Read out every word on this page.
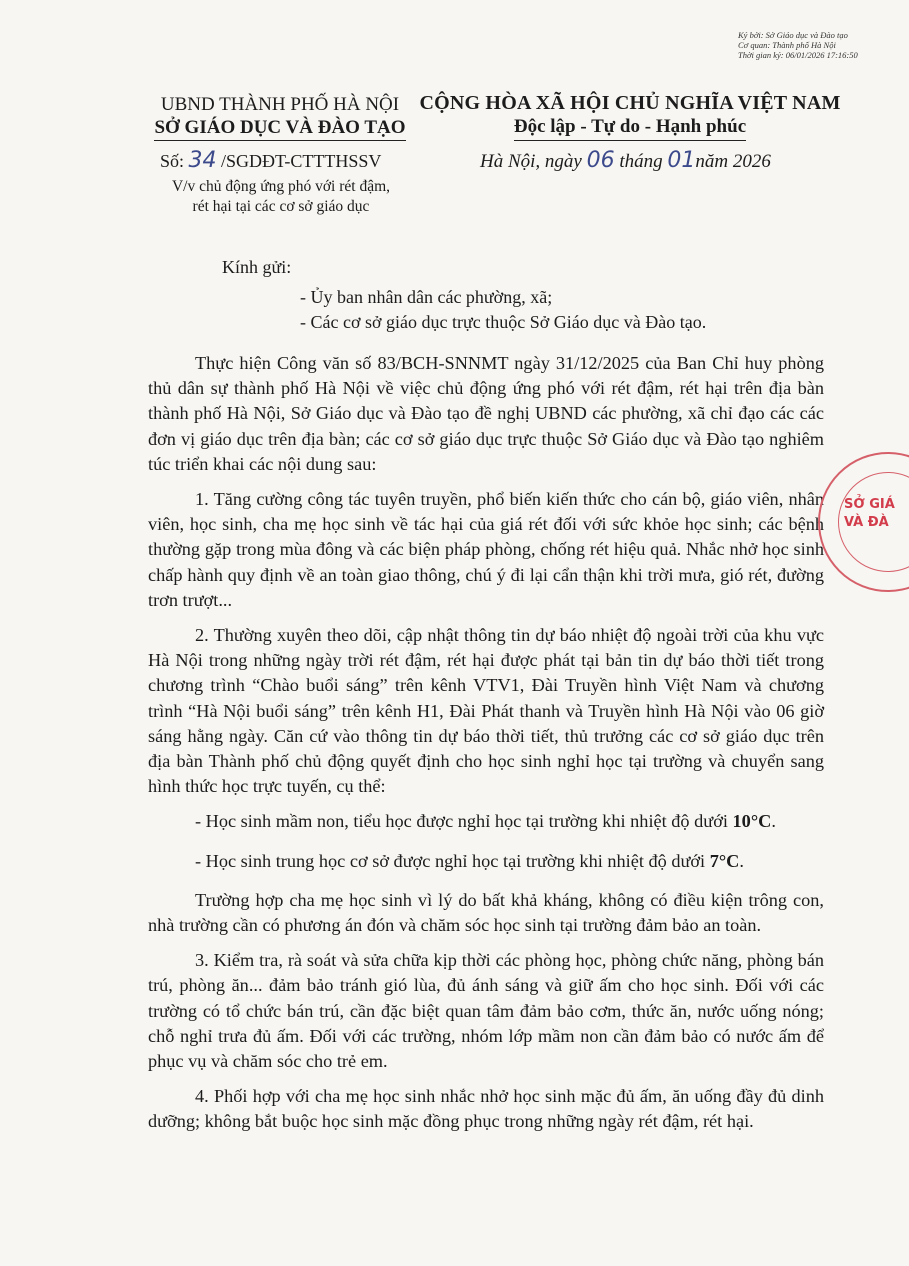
Ký bởi: Sở Giáo dục và Đào tạo
Cơ quan: Thành phố Hà Nội
Thời gian ký: 06/01/2026 17:16:50
UBND THÀNH PHỐ HÀ NỘI
SỞ GIÁO DỤC VÀ ĐÀO TẠO
CỘNG HÒA XÃ HỘI CHỦ NGHĨA VIỆT NAM
Độc lập - Tự do - Hạnh phúc
Số: 34 /SGDĐT-CTTTHSSV
V/v chủ động ứng phó với rét đậm,
rét hại tại các cơ sở giáo dục
Hà Nội, ngày 06 tháng 01năm 2026
Kính gửi:
- Ủy ban nhân dân các phường, xã;
- Các cơ sở giáo dục trực thuộc Sở Giáo dục và Đào tạo.

Thực hiện Công văn số 83/BCH-SNNMT ngày 31/12/2025 của Ban Chỉ huy phòng thủ dân sự thành phố Hà Nội về việc chủ động ứng phó với rét đậm, rét hại trên địa bàn thành phố Hà Nội, Sở Giáo dục và Đào tạo đề nghị UBND các phường, xã chỉ đạo các các đơn vị giáo dục trên địa bàn; các cơ sở giáo dục trực thuộc Sở Giáo dục và Đào tạo nghiêm túc triển khai các nội dung sau:

1. Tăng cường công tác tuyên truyền, phổ biến kiến thức cho cán bộ, giáo viên, nhân viên, học sinh, cha mẹ học sinh về tác hại của giá rét đối với sức khỏe học sinh; các bệnh thường gặp trong mùa đông và các biện pháp phòng, chống rét hiệu quả. Nhắc nhở học sinh chấp hành quy định về an toàn giao thông, chú ý đi lại cẩn thận khi trời mưa, gió rét, đường trơn trượt...

2. Thường xuyên theo dõi, cập nhật thông tin dự báo nhiệt độ ngoài trời của khu vực Hà Nội trong những ngày trời rét đậm, rét hại được phát tại bản tin dự báo thời tiết trong chương trình “Chào buổi sáng” trên kênh VTV1, Đài Truyền hình Việt Nam và chương trình “Hà Nội buổi sáng” trên kênh H1, Đài Phát thanh và Truyền hình Hà Nội vào 06 giờ sáng hằng ngày. Căn cứ vào thông tin dự báo thời tiết, thủ trưởng các cơ sở giáo dục trên địa bàn Thành phố chủ động quyết định cho học sinh nghỉ học tại trường và chuyển sang hình thức học trực tuyến, cụ thể:

- Học sinh mầm non, tiểu học được nghỉ học tại trường khi nhiệt độ dưới 10°C.

- Học sinh trung học cơ sở được nghỉ học tại trường khi nhiệt độ dưới 7°C.

Trường hợp cha mẹ học sinh vì lý do bất khả kháng, không có điều kiện trông con, nhà trường cần có phương án đón và chăm sóc học sinh tại trường đảm bảo an toàn.

3. Kiểm tra, rà soát và sửa chữa kịp thời các phòng học, phòng chức năng, phòng bán trú, phòng ăn... đảm bảo tránh gió lùa, đủ ánh sáng và giữ ấm cho học sinh. Đối với các trường có tổ chức bán trú, cần đặc biệt quan tâm đảm bảo cơm, thức ăn, nước uống nóng; chỗ nghỉ trưa đủ ấm. Đối với các trường, nhóm lớp mầm non cần đảm bảo có nước ấm để phục vụ và chăm sóc cho trẻ em.

4. Phối hợp với cha mẹ học sinh nhắc nhở học sinh mặc đủ ấm, ăn uống đầy đủ dinh dưỡng; không bắt buộc học sinh mặc đồng phục trong những ngày rét đậm, rét hại.

SỞ GIÁ
VÀ ĐÀ
